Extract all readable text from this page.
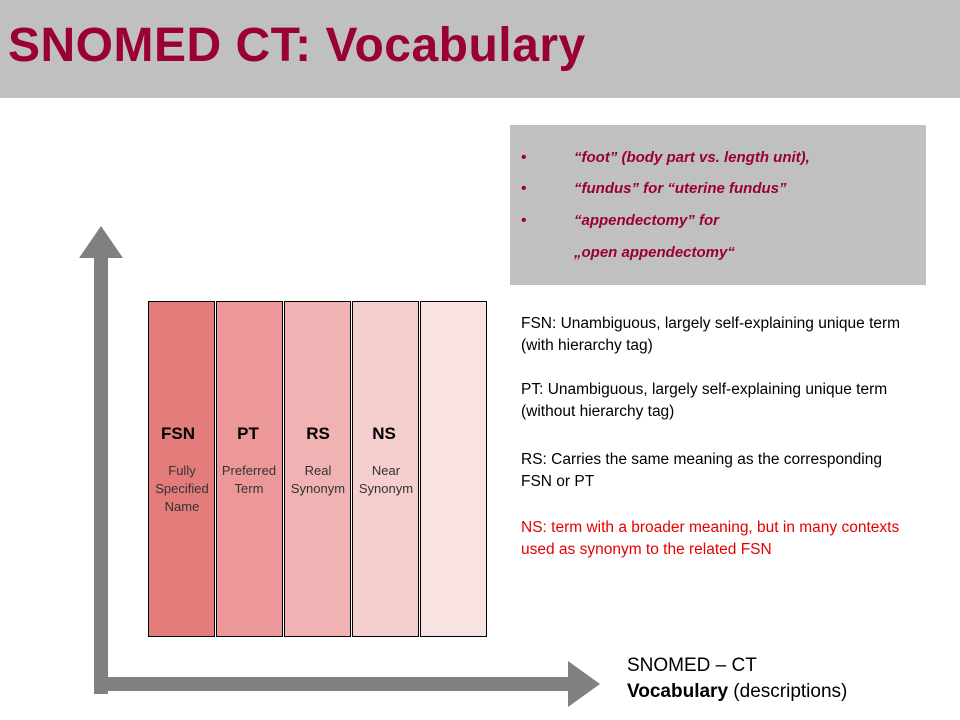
SNOMED CT: Vocabulary
•	“foot” (body part vs. length unit),
•	“fundus” for “uterine fundus”
•	“appendectomy” for
„open appendectomy“
FSN	PT	RS	NS
Fully Specified Name
Preferred Term
Real Synonym
Near Synonym
FSN: Unambiguous, largely self-explaining unique term (with hierarchy tag)
PT: Unambiguous, largely self-explaining unique term (without hierarchy tag)
RS: Carries the same meaning as the corresponding FSN or PT
NS: term with a broader meaning, but in many contexts used as synonym to the related FSN
SNOMED – CT
Vocabulary (descriptions)
